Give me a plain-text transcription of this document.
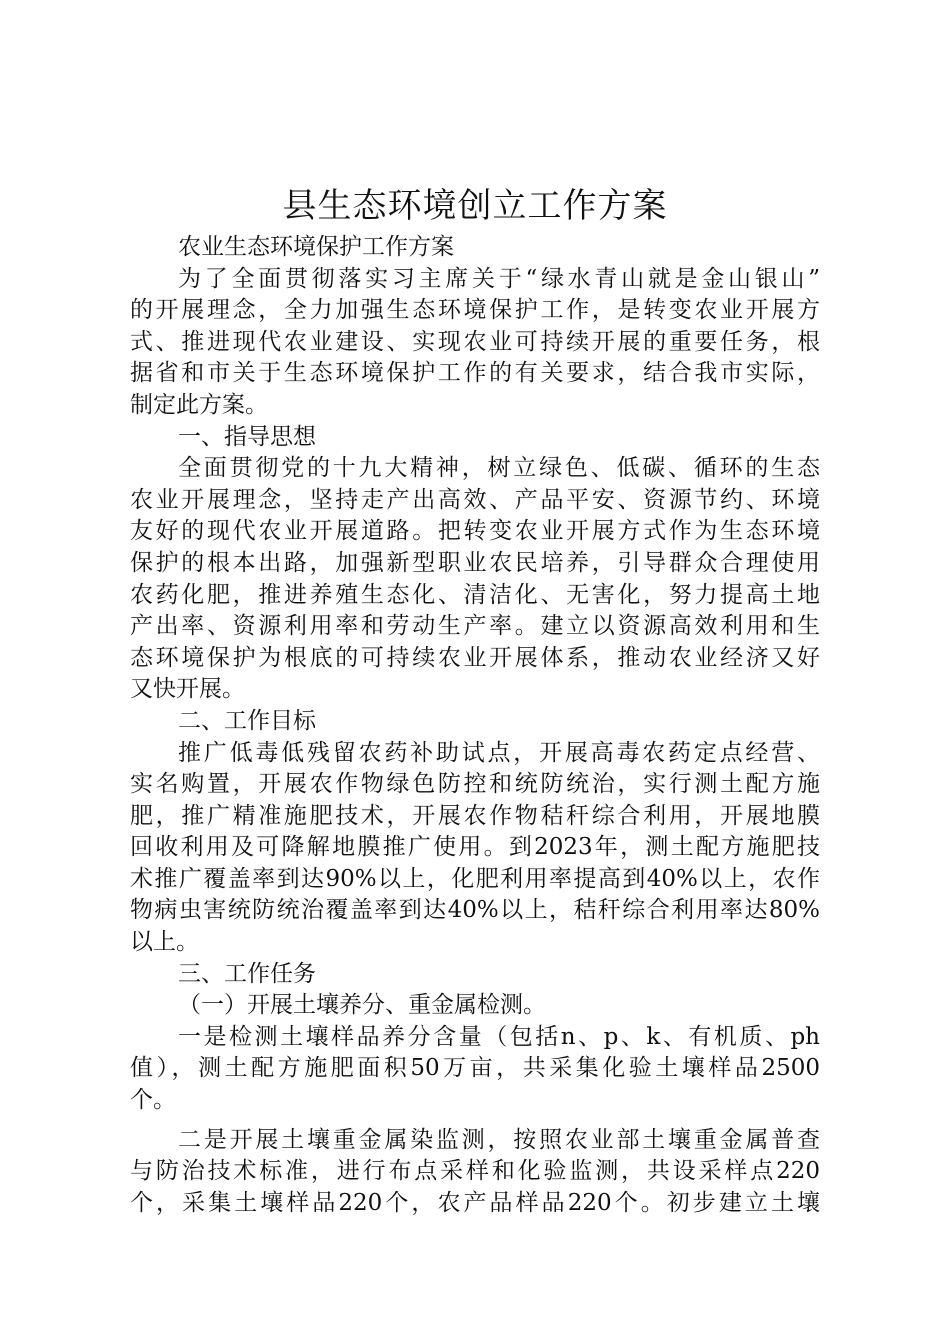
县生态环境创立工作方案
农业生态环境保护工作方案
为了全面贯彻落实习主席关于“绿水青山就是金山银山”
的开展理念，全力加强生态环境保护工作，是转变农业开展方
式、推进现代农业建设、实现农业可持续开展的重要任务，根
据省和市关于生态环境保护工作的有关要求，结合我市实际，
制定此方案。
一、指导思想
全面贯彻党的十九大精神，树立绿色、低碳、循环的生态
农业开展理念，坚持走产出高效、产品平安、资源节约、环境
友好的现代农业开展道路。把转变农业开展方式作为生态环境
保护的根本出路，加强新型职业农民培养，引导群众合理使用
农药化肥，推进养殖生态化、清洁化、无害化，努力提高土地
产出率、资源利用率和劳动生产率。建立以资源高效利用和生
态环境保护为根底的可持续农业开展体系，推动农业经济又好
又快开展。
二、工作目标
推广低毒低残留农药补助试点，开展高毒农药定点经营、
实名购置，开展农作物绿色防控和统防统治，实行测土配方施
肥，推广精准施肥技术，开展农作物秸秆综合利用，开展地膜
回收利用及可降解地膜推广使用。到2023年，测土配方施肥技
术推广覆盖率到达90%以上，化肥利用率提高到40%以上，农作
物病虫害统防统治覆盖率到达40%以上，秸秆综合利用率达80%
以上。
三、工作任务
（一）开展土壤养分、重金属检测。
一是检测土壤样品养分含量（包括n、p、k、有机质、ph
值），测土配方施肥面积50万亩，共采集化验土壤样品2500
个。
二是开展土壤重金属染监测，按照农业部土壤重金属普查
与防治技术标准，进行布点采样和化验监测，共设采样点220
个，采集土壤样品220个，农产品样品220个。初步建立土壤
